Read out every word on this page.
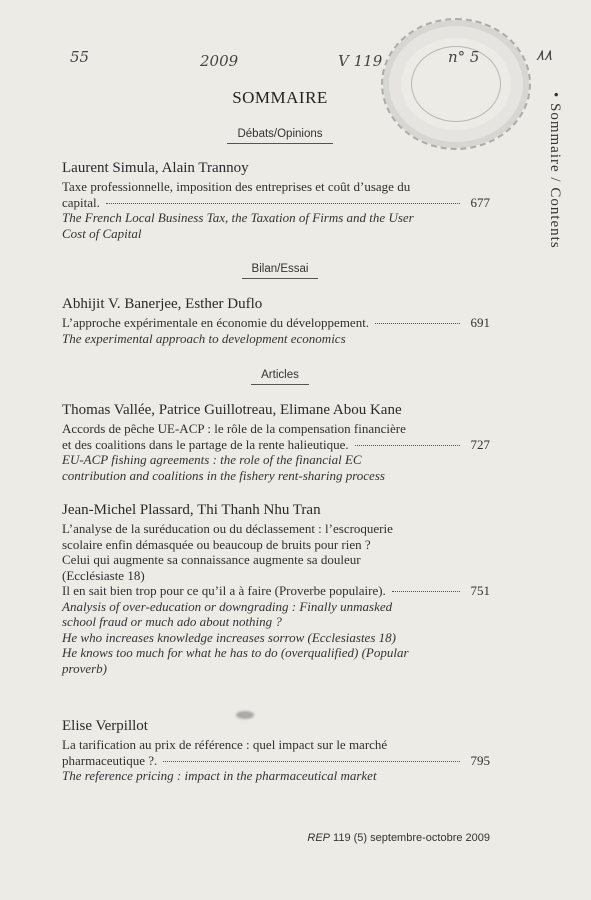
55	2009	V 119	n° 5	٨٨
SOMMAIRE	• Sommaire / Contents
Débats/Opinions
Laurent Simula, Alain Trannoy
Taxe professionnelle, imposition des entreprises et coût d’usage du
capital.	677
The French Local Business Tax, the Taxation of Firms and the User
Cost of Capital
Bilan/Essai
Abhijit V. Banerjee, Esther Duflo
L’approche expérimentale en économie du développement.	691
The experimental approach to development economics
Articles
Thomas Vallée, Patrice Guillotreau, Elimane Abou Kane
Accords de pêche UE-ACP : le rôle de la compensation financière
et des coalitions dans le partage de la rente halieutique.	727
EU-ACP fishing agreements : the role of the financial EC
contribution and coalitions in the fishery rent-sharing process
Jean-Michel Plassard, Thi Thanh Nhu Tran
L’analyse de la suréducation ou du déclassement : l’escroquerie
scolaire enfin démasquée ou beaucoup de bruits pour rien ?
Celui qui augmente sa connaissance augmente sa douleur
(Ecclésiaste 18)
Il en sait bien trop pour ce qu’il a à faire (Proverbe populaire).	751
Analysis of over-education or downgrading : Finally unmasked
school fraud or much ado about nothing ?
He who increases knowledge increases sorrow (Ecclesiastes 18)
He knows too much for what he has to do (overqualified) (Popular
proverb)
Elise Verpillot
La tarification au prix de référence : quel impact sur le marché
pharmaceutique ?.	795
The reference pricing : impact in the pharmaceutical market
REP 119 (5) septembre-octobre 2009
